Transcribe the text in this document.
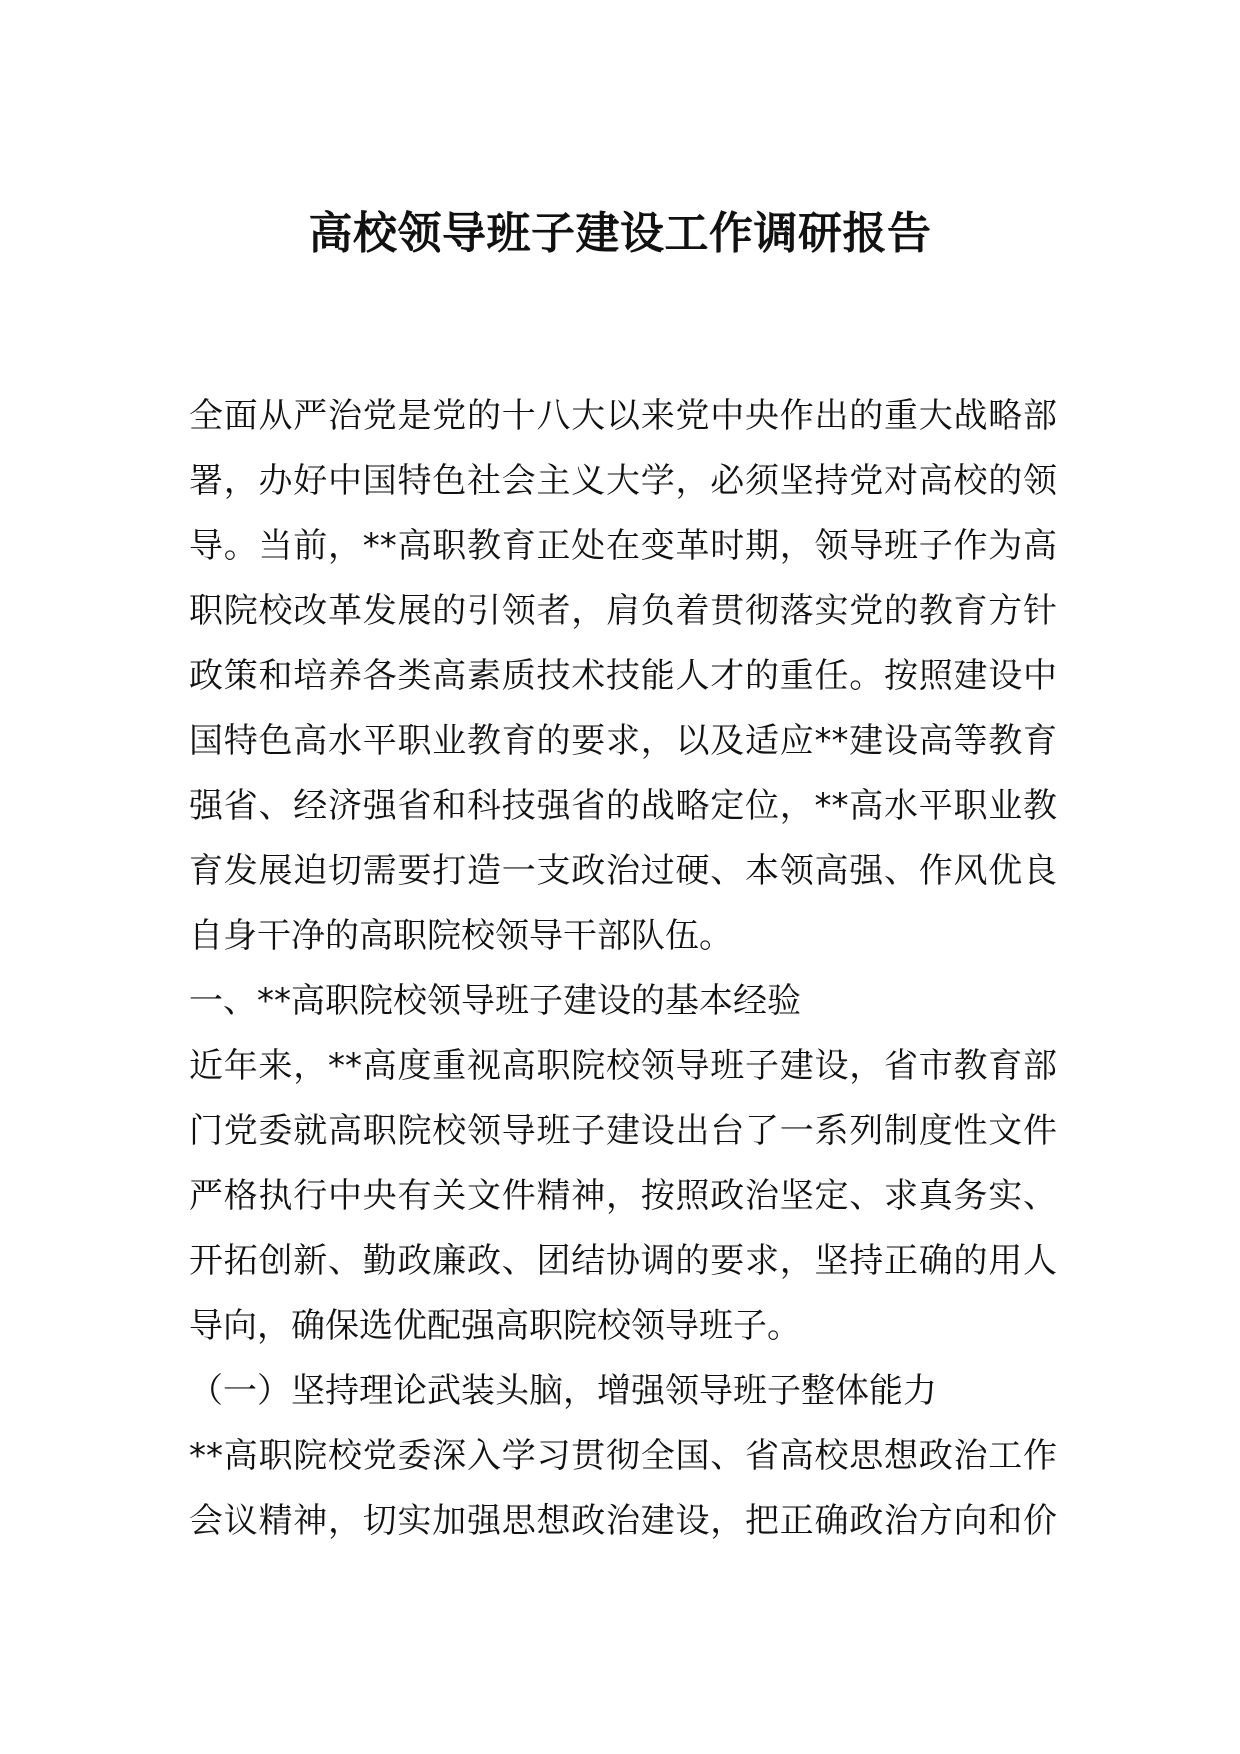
高校领导班子建设工作调研报告
全面从严治党是党的十八大以来党中央作出的重大战略部
署，办好中国特色社会主义大学，必须坚持党对高校的领
导。当前，**高职教育正处在变革时期，领导班子作为高
职院校改革发展的引领者，肩负着贯彻落实党的教育方针
政策和培养各类高素质技术技能人才的重任。按照建设中
国特色高水平职业教育的要求，以及适应**建设高等教育
强省、经济强省和科技强省的战略定位，**高水平职业教
育发展迫切需要打造一支政治过硬、本领高强、作风优良
自身干净的高职院校领导干部队伍。
一、**高职院校领导班子建设的基本经验
近年来，**高度重视高职院校领导班子建设，省市教育部
门党委就高职院校领导班子建设出台了一系列制度性文件
严格执行中央有关文件精神，按照政治坚定、求真务实、
开拓创新、勤政廉政、团结协调的要求，坚持正确的用人
导向，确保选优配强高职院校领导班子。
（一）坚持理论武装头脑，增强领导班子整体能力
**高职院校党委深入学习贯彻全国、省高校思想政治工作
会议精神，切实加强思想政治建设，把正确政治方向和价
